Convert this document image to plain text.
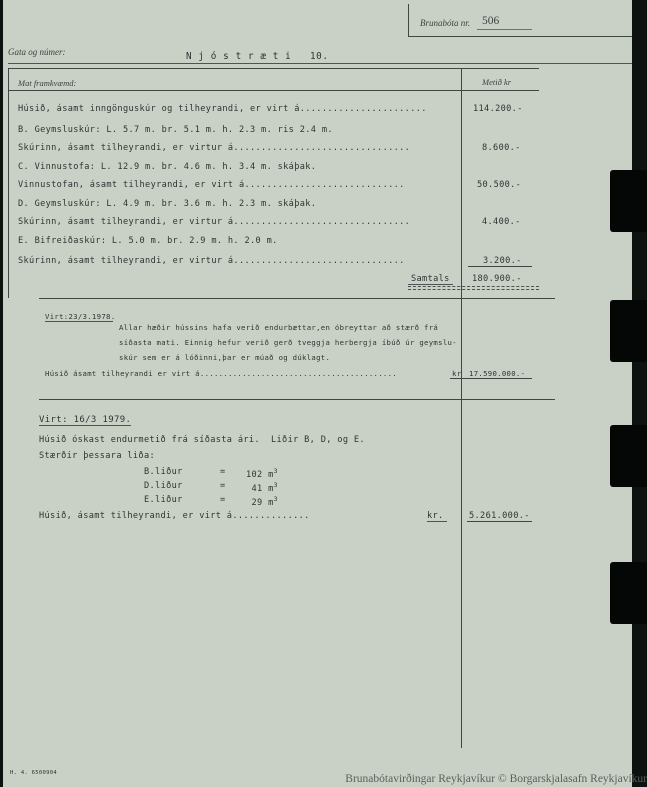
Brunabóta nr. 506
Gata og númer:	N j ó s t r æ t i   10.
Mat framkvæmd:	Metið kr
Húsið, ásamt inngönguskúr og tilheyrandi, er virt á.......................	114.200.-
B. Geymsluskúr: L. 5.7 m. br. 5.1 m. h. 2.3 m. ris 2.4 m.
Skúrinn, ásamt tilheyrandi, er virtur á................................	8.600.-
C. Vinnustofa: L. 12.9 m. br. 4.6 m. h. 3.4 m. skáþak.
Vinnustofan, ásamt tilheyrandi, er virt á.............................	50.500.-
D. Geymsluskúr: L. 4.9 m. br. 3.6 m. h. 2.3 m. skáþak.
Skúrinn, ásamt tilheyrandi, er virtur á................................	4.400.-
E. Bifreiðaskúr: L. 5.0 m. br. 2.9 m. h. 2.0 m.
Skúrinn, ásamt tilheyrandi, er virtur á...............................	3.200.-
Samtals	180.900.-
Virt:23/3.1978.
Allar hæðir hússins hafa verið endurbættar,en óbreyttar að stærð frá
síðasta mati. Einnig hefur verið gerð tveggja herbergja íbúð úr geymslu-
skúr sem er á lóðinni,þar er múað og dúklagt.
Húsið ásamt tilheyrandi er virt á..........................................	kr 17.590.000.-
Virt: 16/3 1979.
Húsið óskast endurmetið frá síðasta ári.  Liðir B, D, og E.
Stærðir þessara liða:
B.liður	= 102 $m^3$
D.liður	= 41 $m^3$
E.liður	= 29 $m^3$
Húsið, ásamt tilheyrandi, er virt á..............	kr.	5.261.000.-
H. 4. 6500904	Brunabótavirðingar Reykjavíkur © Borgarskjalasafn Reykjavíkur
